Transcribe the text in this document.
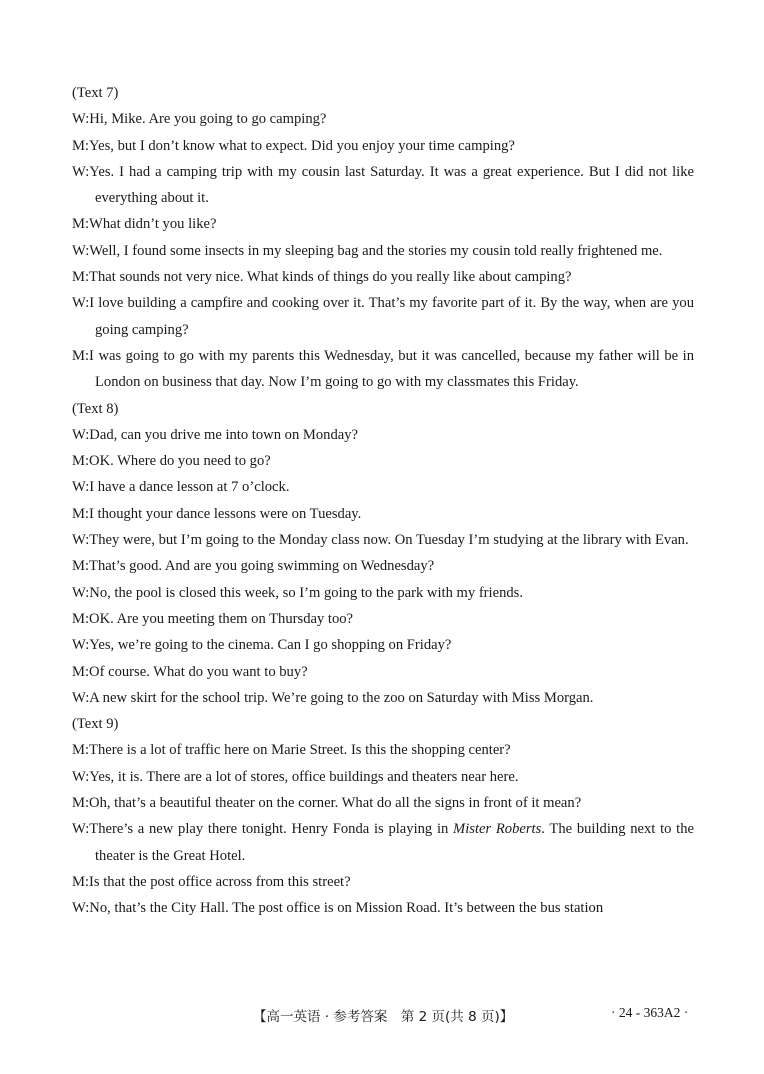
(Text 7)
W:Hi, Mike. Are you going to go camping?
M:Yes, but I don’t know what to expect. Did you enjoy your time camping?
W:Yes. I had a camping trip with my cousin last Saturday. It was a great experience. But I did not like everything about it.
M:What didn’t you like?
W:Well, I found some insects in my sleeping bag and the stories my cousin told really frightened me.
M:That sounds not very nice. What kinds of things do you really like about camping?
W:I love building a campfire and cooking over it. That’s my favorite part of it. By the way, when are you going camping?
M:I was going to go with my parents this Wednesday, but it was cancelled, because my father will be in London on business that day. Now I’m going to go with my classmates this Friday.
(Text 8)
W:Dad, can you drive me into town on Monday?
M:OK. Where do you need to go?
W:I have a dance lesson at 7 o’clock.
M:I thought your dance lessons were on Tuesday.
W:They were, but I’m going to the Monday class now. On Tuesday I’m studying at the library with Evan.
M:That’s good. And are you going swimming on Wednesday?
W:No, the pool is closed this week, so I’m going to the park with my friends.
M:OK. Are you meeting them on Thursday too?
W:Yes, we’re going to the cinema. Can I go shopping on Friday?
M:Of course. What do you want to buy?
W:A new skirt for the school trip. We’re going to the zoo on Saturday with Miss Morgan.
(Text 9)
M:There is a lot of traffic here on Marie Street. Is this the shopping center?
W:Yes, it is. There are a lot of stores, office buildings and theaters near here.
M:Oh, that’s a beautiful theater on the corner. What do all the signs in front of it mean?
W:There’s a new play there tonight. Henry Fonda is playing in Mister Roberts. The building next to the theater is the Great Hotel.
M:Is that the post office across from this street?
W:No, that’s the City Hall. The post office is on Mission Road. It’s between the bus station
【高一英语 · 参考答案　第 2 页(共 8 页)】	· 24 - 363A2 ·
